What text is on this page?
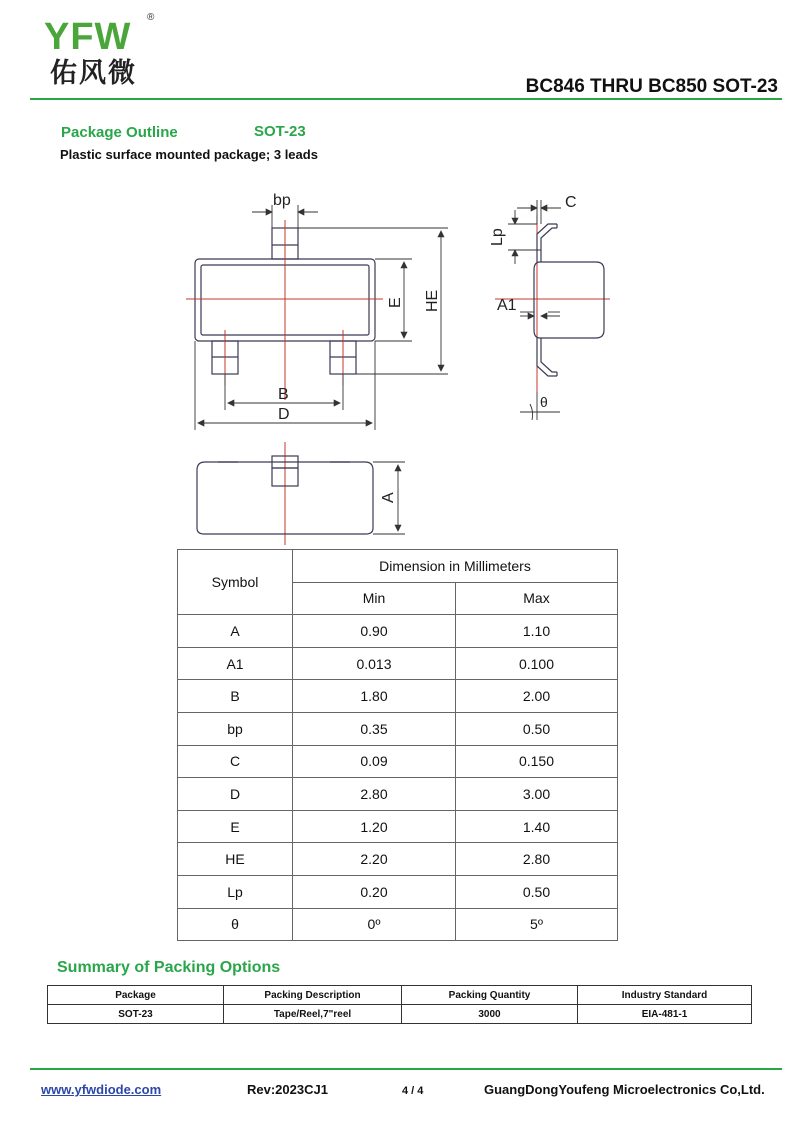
YFW ®
佑风微	BC846 THRU BC850 SOT-23
Package Outline	SOT-23
Plastic surface mounted package; 3 leads
bp	C
Lp
E HE	A1
B
D
θ
A
Symbol	Dimension in Millimeters	
	Min	Max
A	0.90	1.10
A1	0.013	0.100
B	1.80	2.00
bp	0.35	0.50
C	0.09	0.150
D	2.80	3.00
E	1.20	1.40
HE	2.20	2.80
Lp	0.20	0.50
θ	0º	5º
Summary of Packing Options
Package	Packing Description	Packing Quantity	Industry Standard
SOT-23	Tape/Reel,7"reel	3000	EIA-481-1
www.yfwdiode.com	Rev:2023CJ1	4 / 4	GuangDongYoufeng Microelectronics Co,Ltd.
